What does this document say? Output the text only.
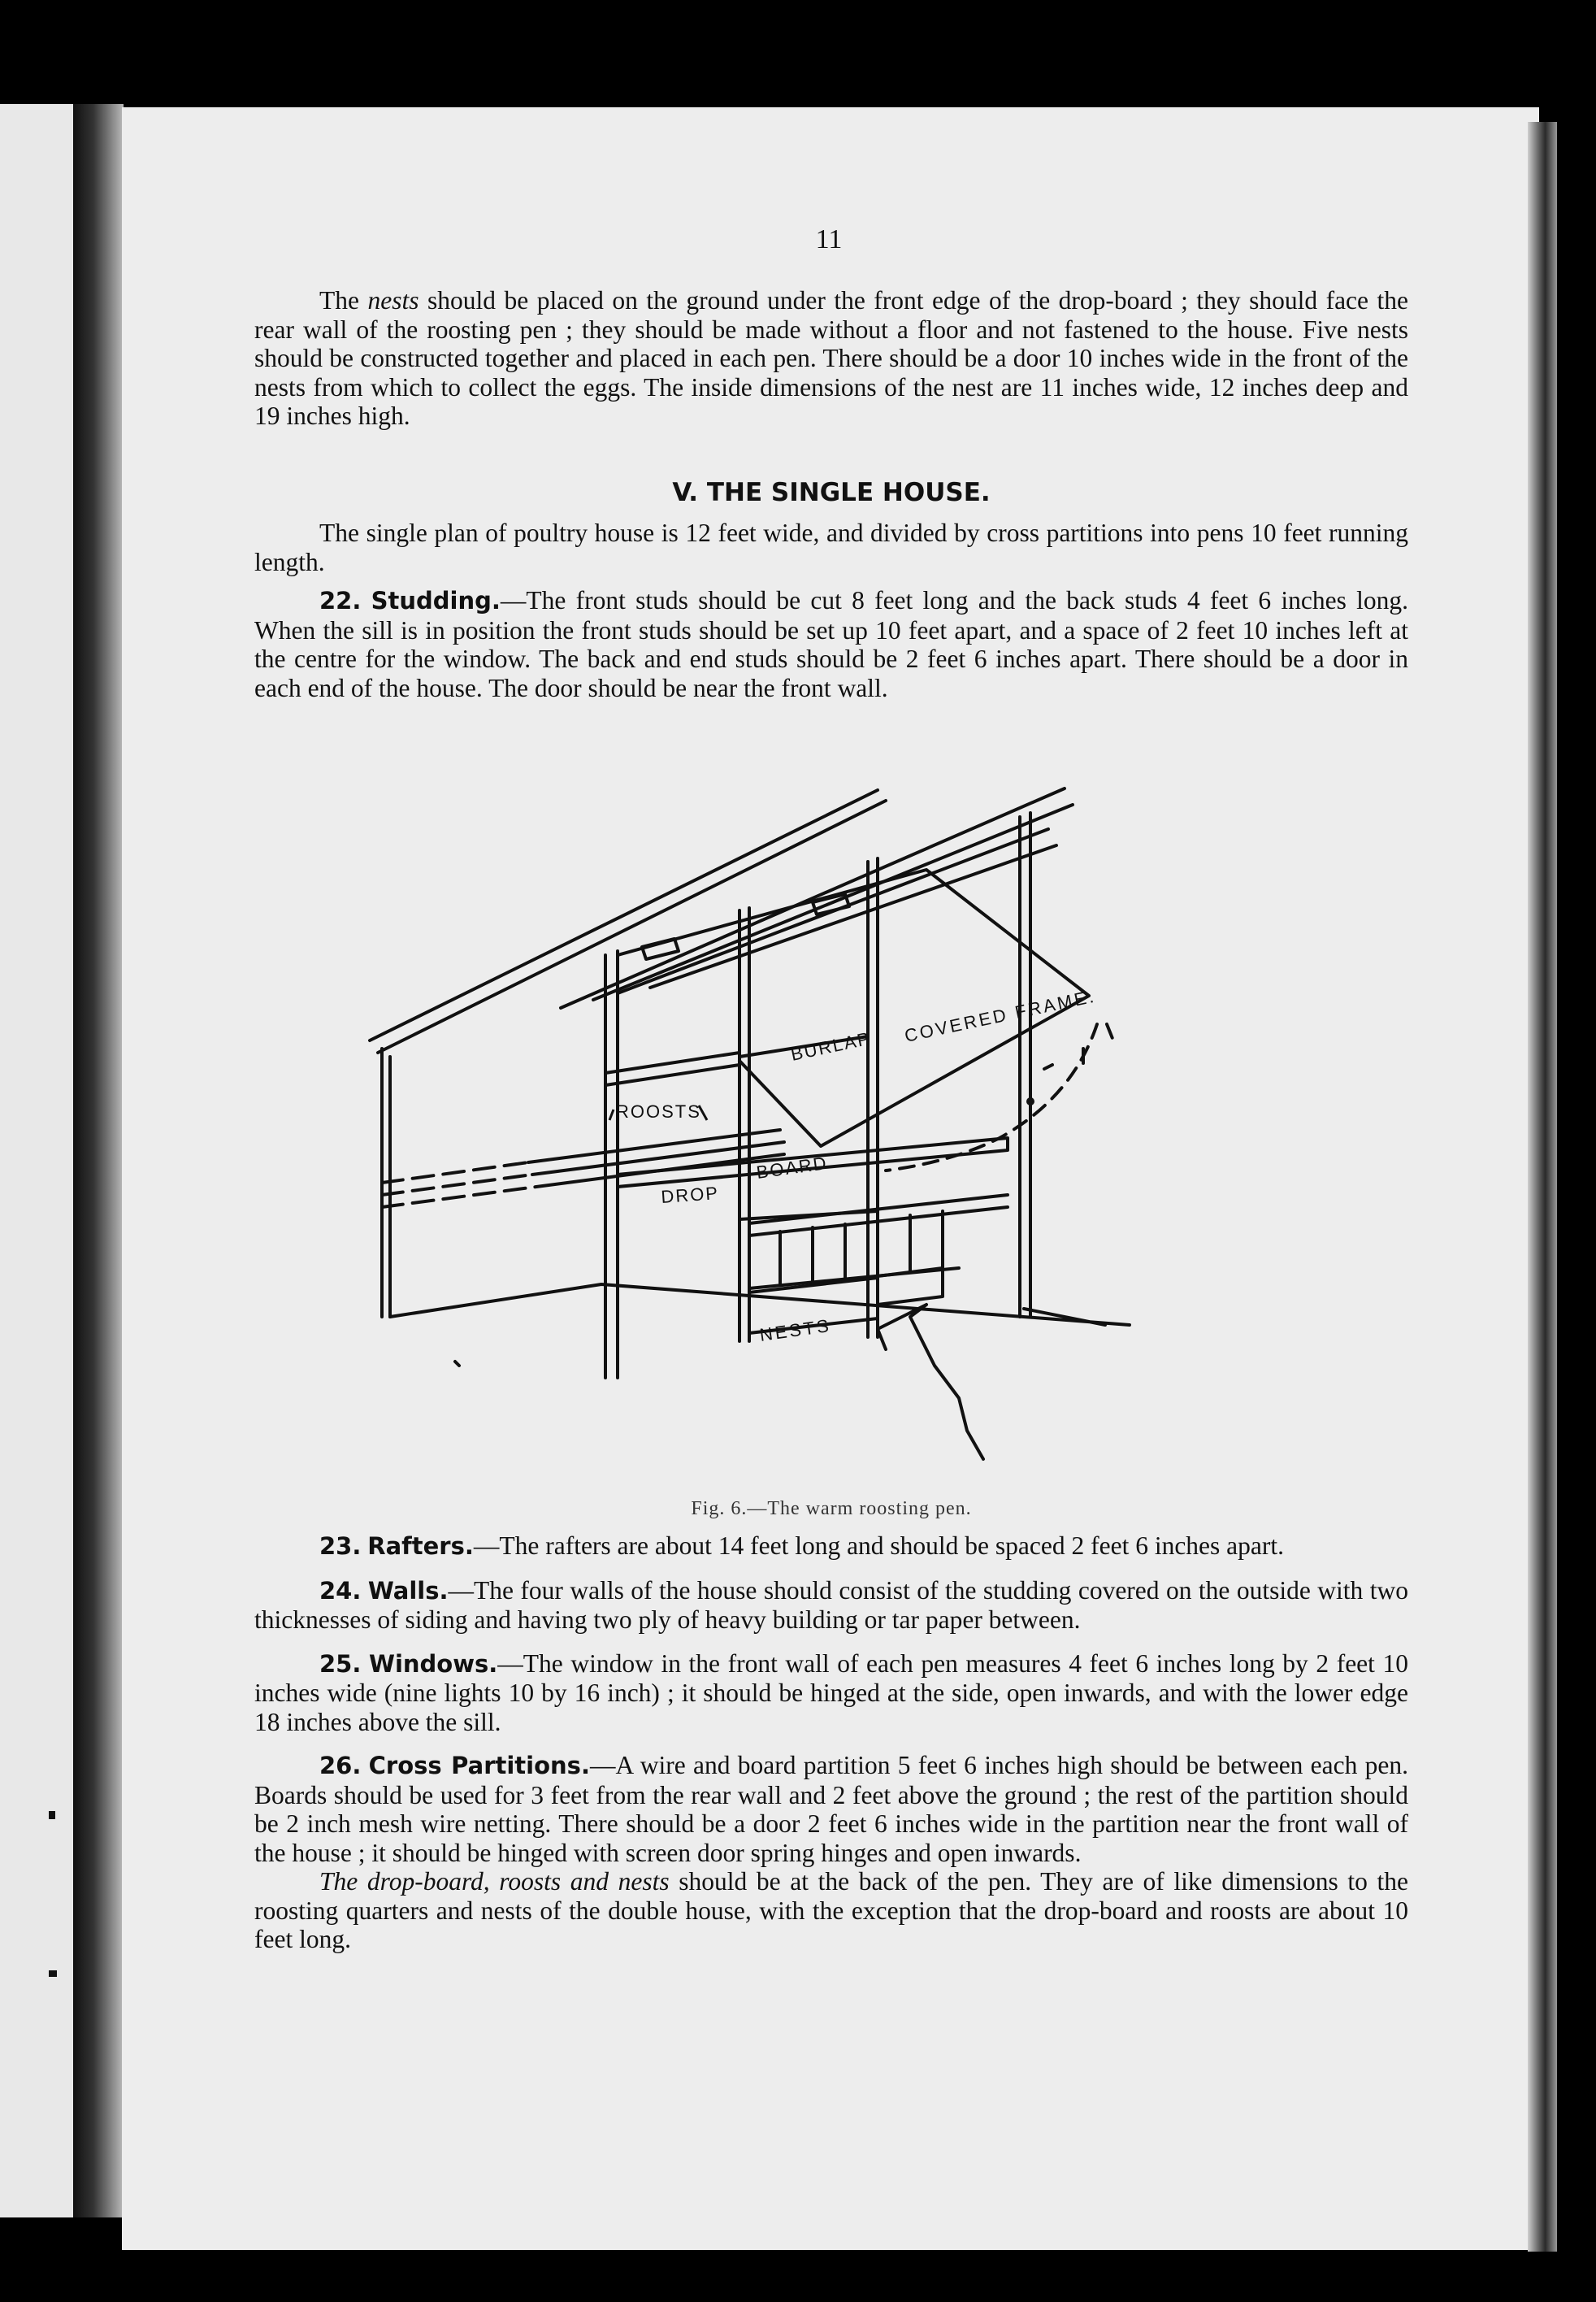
11

The nests should be placed on the ground under the front edge of the drop-board ; they should face the rear wall of the roosting pen ; they should be made without a floor and not fastened to the house. Five nests should be constructed together and placed in each pen. There should be a door 10 inches wide in the front of the nests from which to collect the eggs. The inside dimensions of the nest are 11 inches wide, 12 inches deep and 19 inches high.

V. THE SINGLE HOUSE.

The single plan of poultry house is 12 feet wide, and divided by cross partitions into pens 10 feet running length.

22. Studding.—The front studs should be cut 8 feet long and the back studs 4 feet 6 inches long. When the sill is in position the front studs should be set up 10 feet apart, and a space of 2 feet 10 inches left at the centre for the window. The back and end studs should be 2 feet 6 inches apart. There should be a door in each end of the house. The door should be near the front wall.

BURLAP
COVERED FRAME.
ROOSTS
DROP
BOARD
NESTS
Fig. 6.—The warm roosting pen.

23. Rafters.—The rafters are about 14 feet long and should be spaced 2 feet 6 inches apart.

24. Walls.—The four walls of the house should consist of the studding covered on the outside with two thicknesses of siding and having two ply of heavy building or tar paper between.

25. Windows.—The window in the front wall of each pen measures 4 feet 6 inches long by 2 feet 10 inches wide (nine lights 10 by 16 inch) ; it should be hinged at the side, open inwards, and with the lower edge 18 inches above the sill.

26. Cross Partitions.—A wire and board partition 5 feet 6 inches high should be between each pen. Boards should be used for 3 feet from the rear wall and 2 feet above the ground ; the rest of the partition should be 2 inch mesh wire netting. There should be a door 2 feet 6 inches wide in the partition near the front wall of the house ; it should be hinged with screen door spring hinges and open inwards.

The drop-board, roosts and nests should be at the back of the pen. They are of like dimensions to the roosting quarters and nests of the double house, with the exception that the drop-board and roosts are about 10 feet long.
